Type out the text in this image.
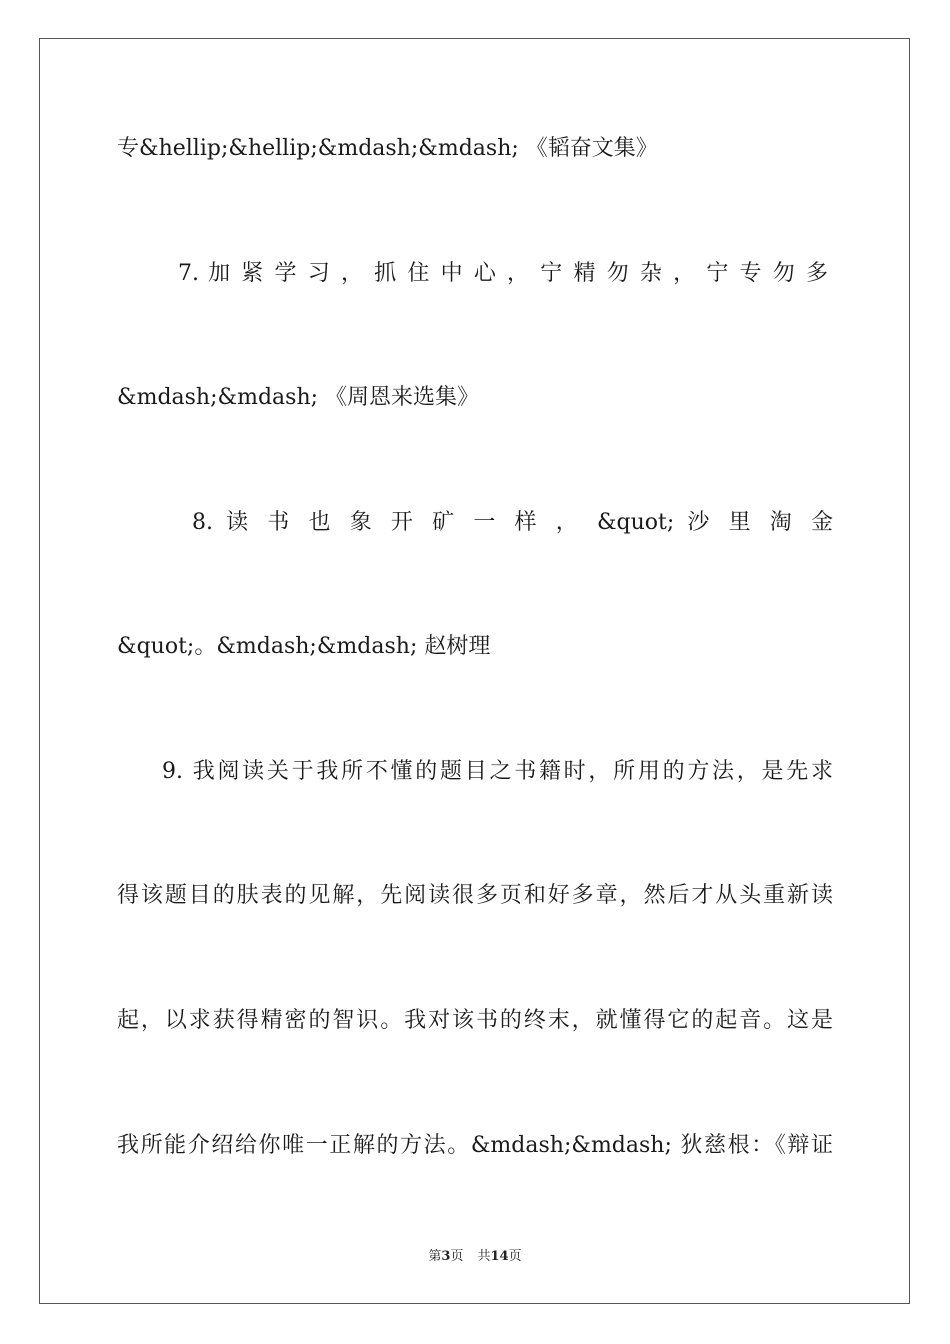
专&hellip;&hellip;&mdash;&mdash; 《韬奋文集》
7. 加 紧 学 习 ， 抓 住 中 心 ， 宁 精 勿 杂 ， 宁 专 勿 多
&mdash;&mdash; 《周恩来选集》
8. 读 书 也 象 开 矿 一 样 ， &quot; 沙 里 淘 金
&quot;。&mdash;&mdash; 赵树理
9. 我阅读关于我所不懂的题目之书籍时，所用的方法，是先求
得该题目的肤表的见解，先阅读很多页和好多章，然后才从头重新读
起，以求获得精密的智识。我对该书的终末，就懂得它的起音。这是
我所能介绍给你唯一正解的方法。&mdash;&mdash; 狄慈根：《辩证
第3页 共14页
